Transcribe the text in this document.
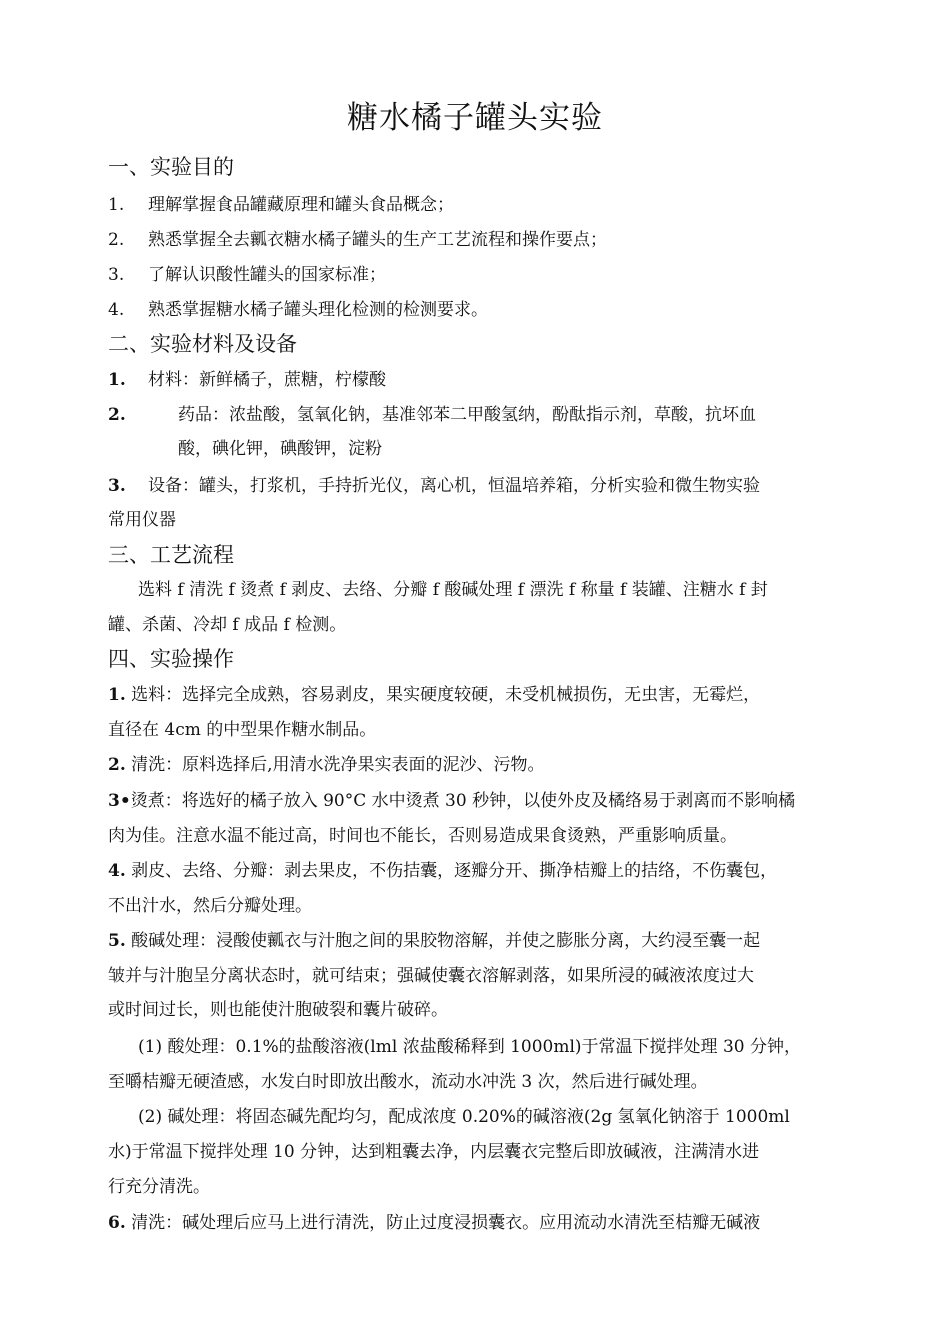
糖水橘子罐头实验
一、实验目的
1. 理解掌握食品罐藏原理和罐头食品概念；
2. 熟悉掌握全去瓤衣糖水橘子罐头的生产工艺流程和操作要点；
3. 了解认识酸性罐头的国家标准；
4. 熟悉掌握糖水橘子罐头理化检测的检测要求。
二、实验材料及设备
1. 材料：新鲜橘子，蔗糖，柠檬酸
2.	药品：浓盐酸，氢氧化钠，基准邻苯二甲酸氢纳，酚酞指示剂，草酸，抗坏血
酸，碘化钾，碘酸钾，淀粉
3. 设备：罐头，打浆机，手持折光仪，离心机，恒温培养箱，分析实验和微生物实验
常用仪器
三、工艺流程
选料 f 清洗 f 烫煮 f 剥皮、去络、分瓣 f 酸碱处理 f 漂洗 f 称量 f 装罐、注糖水 f 封
罐、杀菌、冷却 f 成品 f 检测。
四、实验操作
1. 选料：选择完全成熟，容易剥皮，果实硬度较硬，未受机械损伤，无虫害，无霉烂，
直径在 4cm 的中型果作糖水制品。
2. 清洗：原料选择后,用清水洗净果实表面的泥沙、污物。
3•烫煮：将选好的橘子放入 90°C 水中烫煮 30 秒钟，以使外皮及橘络易于剥离而不影响橘
肉为佳。注意水温不能过高，时间也不能长，否则易造成果食烫熟，严重影响质量。
4. 剥皮、去络、分瓣：剥去果皮，不伤拮囊，逐瓣分开、撕净桔瓣上的拮络，不伤囊包，
不出汁水，然后分瓣处理。
5. 酸碱处理：浸酸使瓤衣与汁胞之间的果胶物溶解，并使之膨胀分离，大约浸至囊一起
皱并与汁胞呈分离状态时，就可结束；强碱使囊衣溶解剥落，如果所浸的碱液浓度过大
或时间过长，则也能使汁胞破裂和囊片破碎。
(1) 酸处理：0.1%的盐酸溶液(lml 浓盐酸稀释到 1000ml)于常温下搅拌处理 30 分钟，
至嚼桔瓣无硬渣感，水发白时即放出酸水，流动水冲洗 3 次，然后进行碱处理。
(2) 碱处理：将固态碱先配均匀，配成浓度 0.20%的碱溶液(2g 氢氧化钠溶于 1000ml
水)于常温下搅拌处理 10 分钟，达到粗囊去净，内层囊衣完整后即放碱液，注满清水进
行充分清洗。
6. 清洗：碱处理后应马上进行清洗，防止过度浸损囊衣。应用流动水清洗至桔瓣无碱液
